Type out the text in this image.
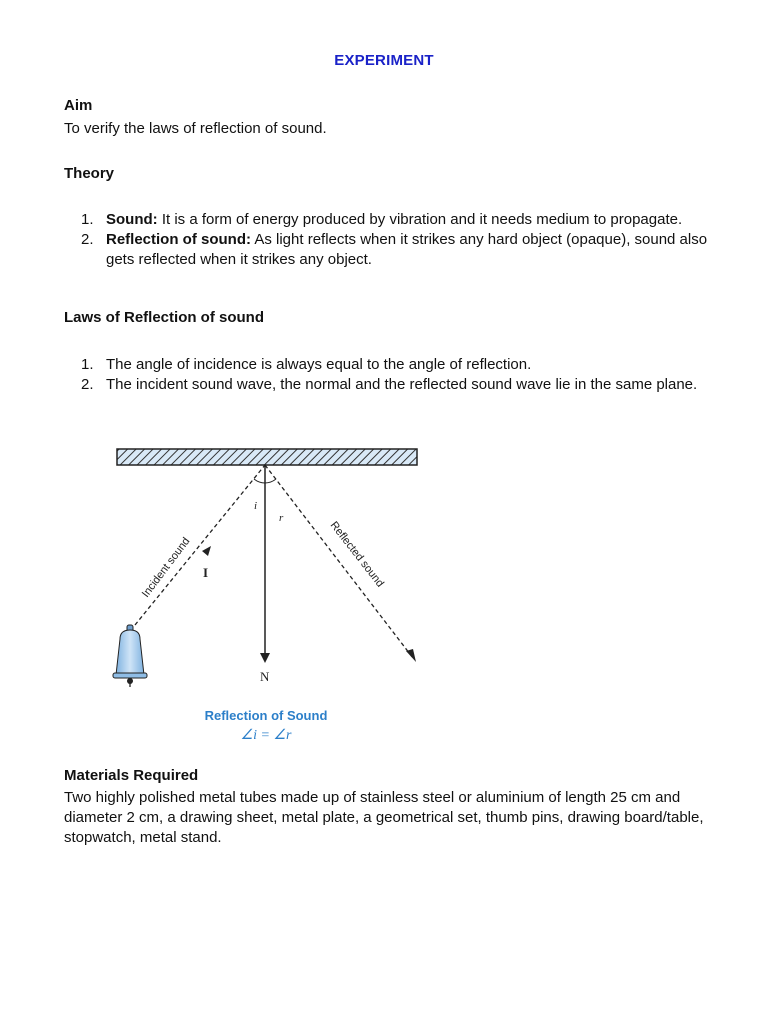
EXPERIMENT
Aim
To verify the laws of reflection of sound.
Theory
1. Sound: It is a form of energy produced by vibration and it needs medium to propagate.
2. Reflection of sound: As light reflects when it strikes any hard object (opaque), sound also gets reflected when it strikes any object.
Laws of Reflection of sound
1. The angle of incidence is always equal to the angle of reflection.
2. The incident sound wave, the normal and the reflected sound wave lie in the same plane.
i
r
I
N
Incident sound	Reflected sound
Reflection of Sound
∠i = ∠r
Materials Required
Two highly polished metal tubes made up of stainless steel or aluminium of length 25 cm and diameter 2 cm, a drawing sheet, metal plate, a geometrical set, thumb pins, drawing board/table, stopwatch, metal stand.
